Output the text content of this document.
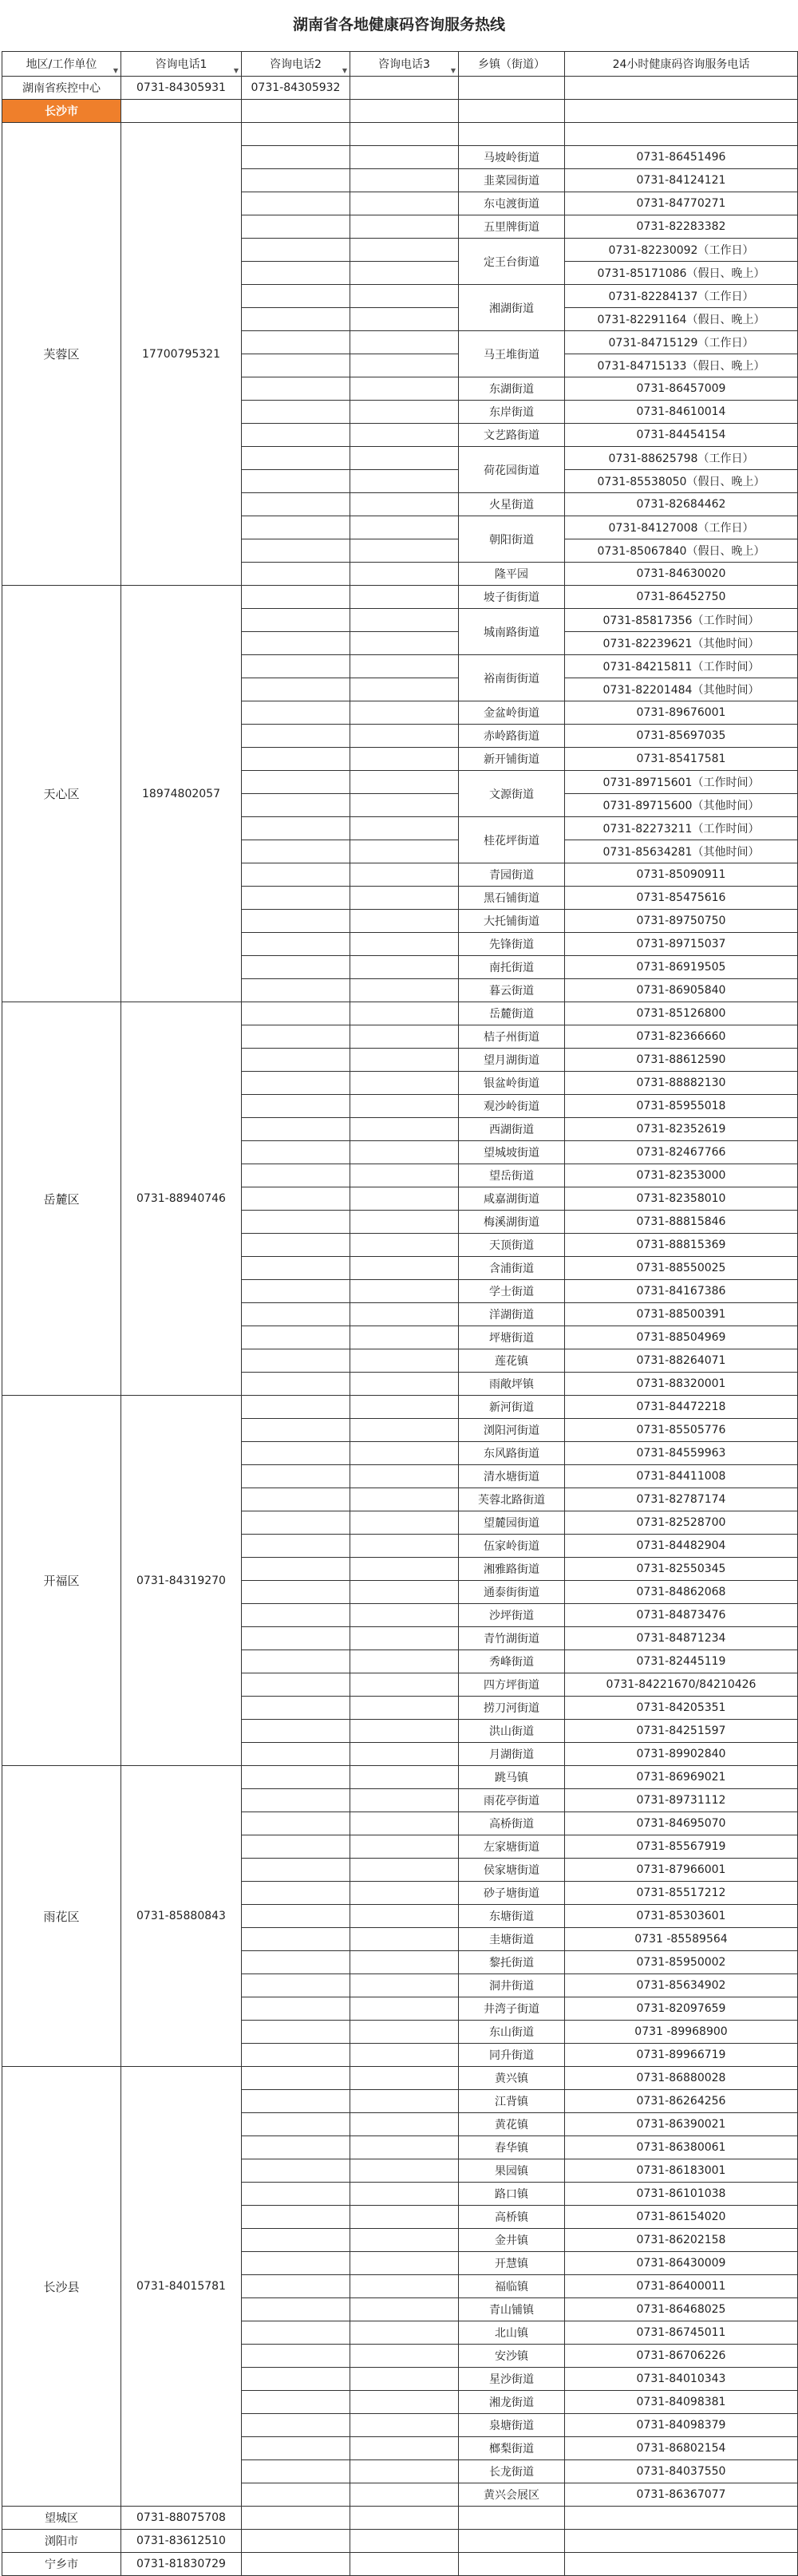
湖南省各地健康码咨询服务热线
地区/工作单位 ▼	咨询电话1 ▼	咨询电话2 ▼	咨询电话3 ▼	乡镇（街道）	24小时健康码咨询服务电话
湖南省疾控中心	0731-84305931	0731-84305932			
长沙市					
芙蓉区	17700795321				
				马坡岭街道	0731-86451496
				韭菜园街道	0731-84124121
				东屯渡街道	0731-84770271
				五里牌街道	0731-82283382
				定王台街道	0731-82230092（工作日）
					0731-85171086（假日、晚上）
				湘湖街道	0731-82284137（工作日）
					0731-82291164（假日、晚上）
				马王堆街道	0731-84715129（工作日）
					0731-84715133（假日、晚上）
				东湖街道	0731-86457009
				东岸街道	0731-84610014
				文艺路街道	0731-84454154
				荷花园街道	0731-88625798（工作日）
					0731-85538050（假日、晚上）
				火星街道	0731-82684462
				朝阳街道	0731-84127008（工作日）
					0731-85067840（假日、晚上）
				隆平园	0731-84630020
天心区	18974802057			坡子街街道	0731-86452750
				城南路街道	0731-85817356（工作时间）
					0731-82239621（其他时间）
				裕南街街道	0731-84215811（工作时间）
					0731-82201484（其他时间）
				金盆岭街道	0731-89676001
				赤岭路街道	0731-85697035
				新开铺街道	0731-85417581
				文源街道	0731-89715601（工作时间）
					0731-89715600（其他时间）
				桂花坪街道	0731-82273211（工作时间）
					0731-85634281（其他时间）
				青园街道	0731-85090911
				黑石铺街道	0731-85475616
				大托铺街道	0731-89750750
				先锋街道	0731-89715037
				南托街道	0731-86919505
				暮云街道	0731-86905840
岳麓区	0731-88940746			岳麓街道	0731-85126800
				桔子州街道	0731-82366660
				望月湖街道	0731-88612590
				银盆岭街道	0731-88882130
				观沙岭街道	0731-85955018
				西湖街道	0731-82352619
				望城坡街道	0731-82467766
				望岳街道	0731-82353000
				咸嘉湖街道	0731-82358010
				梅溪湖街道	0731-88815846
				天顶街道	0731-88815369
				含浦街道	0731-88550025
				学士街道	0731-84167386
				洋湖街道	0731-88500391
				坪塘街道	0731-88504969
				莲花镇	0731-88264071
				雨敞坪镇	0731-88320001
开福区	0731-84319270			新河街道	0731-84472218
				浏阳河街道	0731-85505776
				东风路街道	0731-84559963
				清水塘街道	0731-84411008
				芙蓉北路街道	0731-82787174
				望麓园街道	0731-82528700
				伍家岭街道	0731-84482904
				湘雅路街道	0731-82550345
				通泰街街道	0731-84862068
				沙坪街道	0731-84873476
				青竹湖街道	0731-84871234
				秀峰街道	0731-82445119
				四方坪街道	0731-84221670/84210426
				捞刀河街道	0731-84205351
				洪山街道	0731-84251597
				月湖街道	0731-89902840
雨花区	0731-85880843			跳马镇	0731-86969021
				雨花亭街道	0731-89731112
				高桥街道	0731-84695070
				左家塘街道	0731-85567919
				侯家塘街道	0731-87966001
				砂子塘街道	0731-85517212
				东塘街道	0731-85303601
				圭塘街道	0731 -85589564
				黎托街道	0731-85950002
				洞井街道	0731-85634902
				井湾子街道	0731-82097659
				东山街道	0731 -89968900
				同升街道	0731-89966719
长沙县	0731-84015781			黄兴镇	0731-86880028
				江背镇	0731-86264256
				黄花镇	0731-86390021
				春华镇	0731-86380061
				果园镇	0731-86183001
				路口镇	0731-86101038
				高桥镇	0731-86154020
				金井镇	0731-86202158
				开慧镇	0731-86430009
				福临镇	0731-86400011
				青山铺镇	0731-86468025
				北山镇	0731-86745011
				安沙镇	0731-86706226
				星沙街道	0731-84010343
				湘龙街道	0731-84098381
				泉塘街道	0731-84098379
				榔梨街道	0731-86802154
				长龙街道	0731-84037550
				黄兴会展区	0731-86367077
望城区	0731-88075708				
浏阳市	0731-83612510				
宁乡市	0731-81830729				
